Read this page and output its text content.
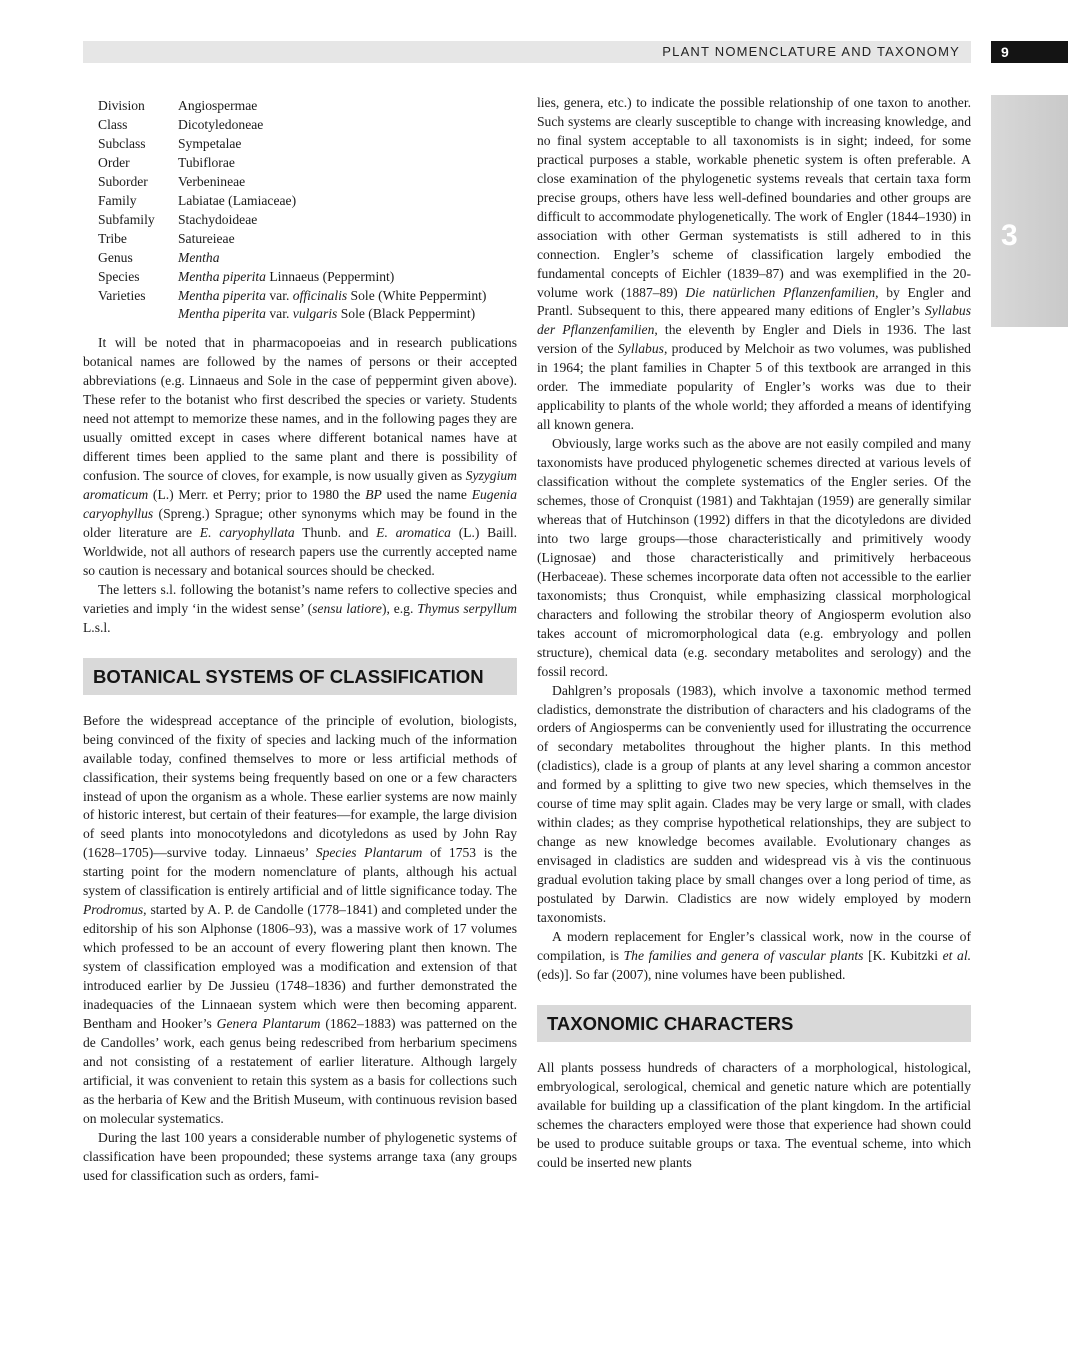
PLANT NOMENCLATURE AND TAXONOMY	9
3
Division	Angiospermae
Class	Dicotyledoneae
Subclass	Sympetalae
Order	Tubiflorae
Suborder	Verbenineae
Family	Labiatae (Lamiaceae)
Subfamily	Stachydoideae
Tribe	Satureieae
Genus	Mentha
Species	Mentha piperita Linnaeus (Peppermint)
Varieties	Mentha piperita var. officinalis Sole (White Peppermint)
	Mentha piperita var. vulgaris Sole (Black Peppermint)

It will be noted that in pharmacopoeias and in research publications botanical names are followed by the names of persons or their accepted abbreviations (e.g. Linnaeus and Sole in the case of peppermint given above). These refer to the botanist who first described the species or variety. Students need not attempt to memorize these names, and in the following pages they are usually omitted except in cases where different botanical names have at different times been applied to the same plant and there is possibility of confusion. The source of cloves, for example, is now usually given as Syzygium aromaticum (L.) Merr. et Perry; prior to 1980 the BP used the name Eugenia caryophyllus (Spreng.) Sprague; other synonyms which may be found in the older literature are E. caryophyllata Thunb. and E. aromatica (L.) Baill. Worldwide, not all authors of research papers use the currently accepted name so caution is necessary and botanical sources should be checked.

The letters s.l. following the botanist’s name refers to collective species and varieties and imply ‘in the widest sense’ (sensu latiore), e.g. Thymus serpyllum L.s.l.

BOTANICAL SYSTEMS OF CLASSIFICATION

Before the widespread acceptance of the principle of evolution, biologists, being convinced of the fixity of species and lacking much of the information available today, confined themselves to more or less artificial methods of classification, their systems being frequently based on one or a few characters instead of upon the organism as a whole. These earlier systems are now mainly of historic interest, but certain of their features—for example, the large division of seed plants into monocotyledons and dicotyledons as used by John Ray (1628–1705)—survive today. Linnaeus’ Species Plantarum of 1753 is the starting point for the modern nomenclature of plants, although his actual system of classification is entirely artificial and of little significance today. The Prodromus, started by A. P. de Candolle (1778–1841) and completed under the editorship of his son Alphonse (1806–93), was a massive work of 17 volumes which professed to be an account of every flowering plant then known. The system of classification employed was a modification and extension of that introduced earlier by De Jussieu (1748–1836) and further demonstrated the inadequacies of the Linnaean system which were then becoming apparent. Bentham and Hooker’s Genera Plantarum (1862–1883) was patterned on the de Candolles’ work, each genus being redescribed from herbarium specimens and not consisting of a restatement of earlier literature. Although largely artificial, it was convenient to retain this system as a basis for collections such as the herbaria of Kew and the British Museum, with continuous revision based on molecular systematics.

During the last 100 years a considerable number of phylogenetic systems of classification have been propounded; these systems arrange taxa (any groups used for classification such as orders, fami-

lies, genera, etc.) to indicate the possible relationship of one taxon to another. Such systems are clearly susceptible to change with increasing knowledge, and no final system acceptable to all taxonomists is in sight; indeed, for some practical purposes a stable, workable phenetic system is often preferable. A close examination of the phylogenetic systems reveals that certain taxa form precise groups, others have less well-defined boundaries and other groups are difficult to accommodate phylogenetically. The work of Engler (1844–1930) in association with other German systematists is still adhered to in this connection. Engler’s scheme of classification largely embodied the fundamental concepts of Eichler (1839–87) and was exemplified in the 20-volume work (1887–89) Die natürlichen Pflanzenfamilien, by Engler and Prantl. Subsequent to this, there appeared many editions of Engler’s Syllabus der Pflanzenfamilien, the eleventh by Engler and Diels in 1936. The last version of the Syllabus, produced by Melchoir as two volumes, was published in 1964; the plant families in Chapter 5 of this textbook are arranged in this order. The immediate popularity of Engler’s works was due to their applicability to plants of the whole world; they afforded a means of identifying all known genera.

Obviously, large works such as the above are not easily compiled and many taxonomists have produced phylogenetic schemes directed at various levels of classification without the complete systematics of the Engler series. Of the schemes, those of Cronquist (1981) and Takhtajan (1959) are generally similar whereas that of Hutchinson (1992) differs in that the dicotyledons are divided into two large groups—those characteristically and primitively woody (Lignosae) and those characteristically and primitively herbaceous (Herbaceae). These schemes incorporate data often not accessible to the earlier taxonomists; thus Cronquist, while emphasizing classical morphological characters and following the strobilar theory of Angiosperm evolution also takes account of micromorphological data (e.g. embryology and pollen structure), chemical data (e.g. secondary metabolites and serology) and the fossil record.

Dahlgren’s proposals (1983), which involve a taxonomic method termed cladistics, demonstrate the distribution of characters and his cladograms of the orders of Angiosperms can be conveniently used for illustrating the occurrence of secondary metabolites throughout the higher plants. In this method (cladistics), clade is a group of plants at any level sharing a common ancestor and formed by a splitting to give two new species, which themselves in the course of time may split again. Clades may be very large or small, with clades within clades; as they comprise hypothetical relationships, they are subject to change as new knowledge becomes available. Evolutionary changes as envisaged in cladistics are sudden and widespread vis à vis the continuous gradual evolution taking place by small changes over a long period of time, as postulated by Darwin. Cladistics are now widely employed by modern taxonomists.

A modern replacement for Engler’s classical work, now in the course of compilation, is The families and genera of vascular plants [K. Kubitzki et al. (eds)]. So far (2007), nine volumes have been published.

TAXONOMIC CHARACTERS

All plants possess hundreds of characters of a morphological, histological, embryological, serological, chemical and genetic nature which are potentially available for building up a classification of the plant kingdom. In the artificial schemes the characters employed were those that experience had shown could be used to produce suitable groups or taxa. The eventual scheme, into which could be inserted new plants
